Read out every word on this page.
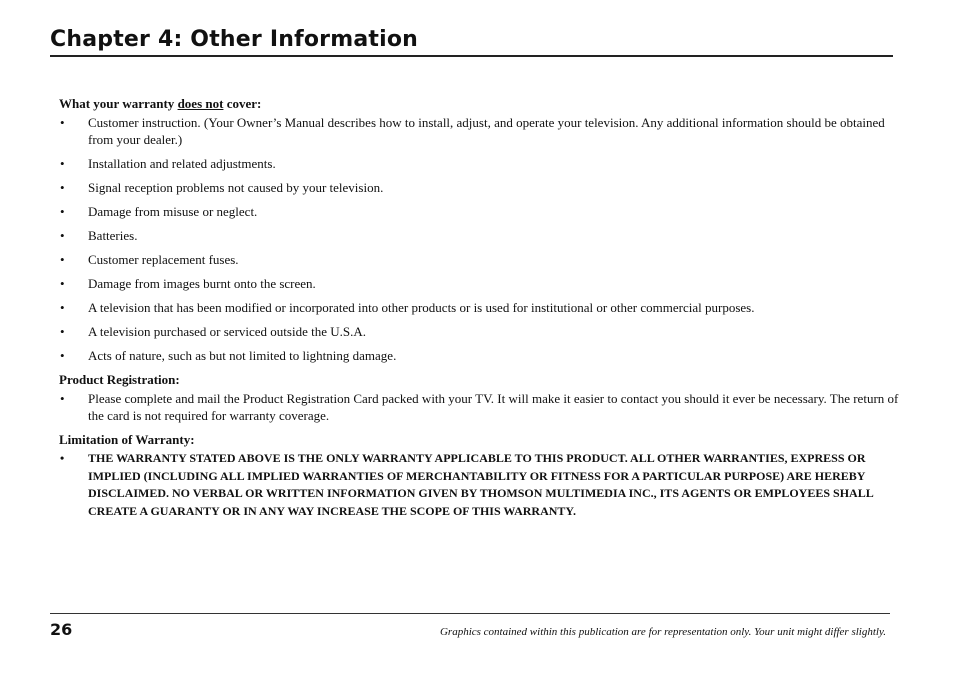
Chapter 4: Other Information

What your warranty does not cover:

• Customer instruction. (Your Owner’s Manual describes how to install, adjust, and operate your television. Any additional information should be obtained from your dealer.)
• Installation and related adjustments.
• Signal reception problems not caused by your television.
• Damage from misuse or neglect.
• Batteries.
• Customer replacement fuses.
• Damage from images burnt onto the screen.
• A television that has been modified or incorporated into other products or is used for institutional or other commercial purposes.
• A television purchased or serviced outside the U.S.A.
• Acts of nature, such as but not limited to lightning damage.

Product Registration:

• Please complete and mail the Product Registration Card packed with your TV. It will make it easier to contact you should it ever be necessary. The return of the card is not required for warranty coverage.

Limitation of Warranty:

• THE WARRANTY STATED ABOVE IS THE ONLY WARRANTY APPLICABLE TO THIS PRODUCT. ALL OTHER WARRANTIES, EXPRESS OR IMPLIED (INCLUDING ALL IMPLIED WARRANTIES OF MERCHANTABILITY OR FITNESS FOR A PARTICULAR PURPOSE) ARE HEREBY DISCLAIMED. NO VERBAL OR WRITTEN INFORMATION GIVEN BY THOMSON MULTIMEDIA INC., ITS AGENTS OR EMPLOYEES SHALL CREATE A GUARANTY OR IN ANY WAY INCREASE THE SCOPE OF THIS WARRANTY.
26	Graphics contained within this publication are for representation only. Your unit might differ slightly.
